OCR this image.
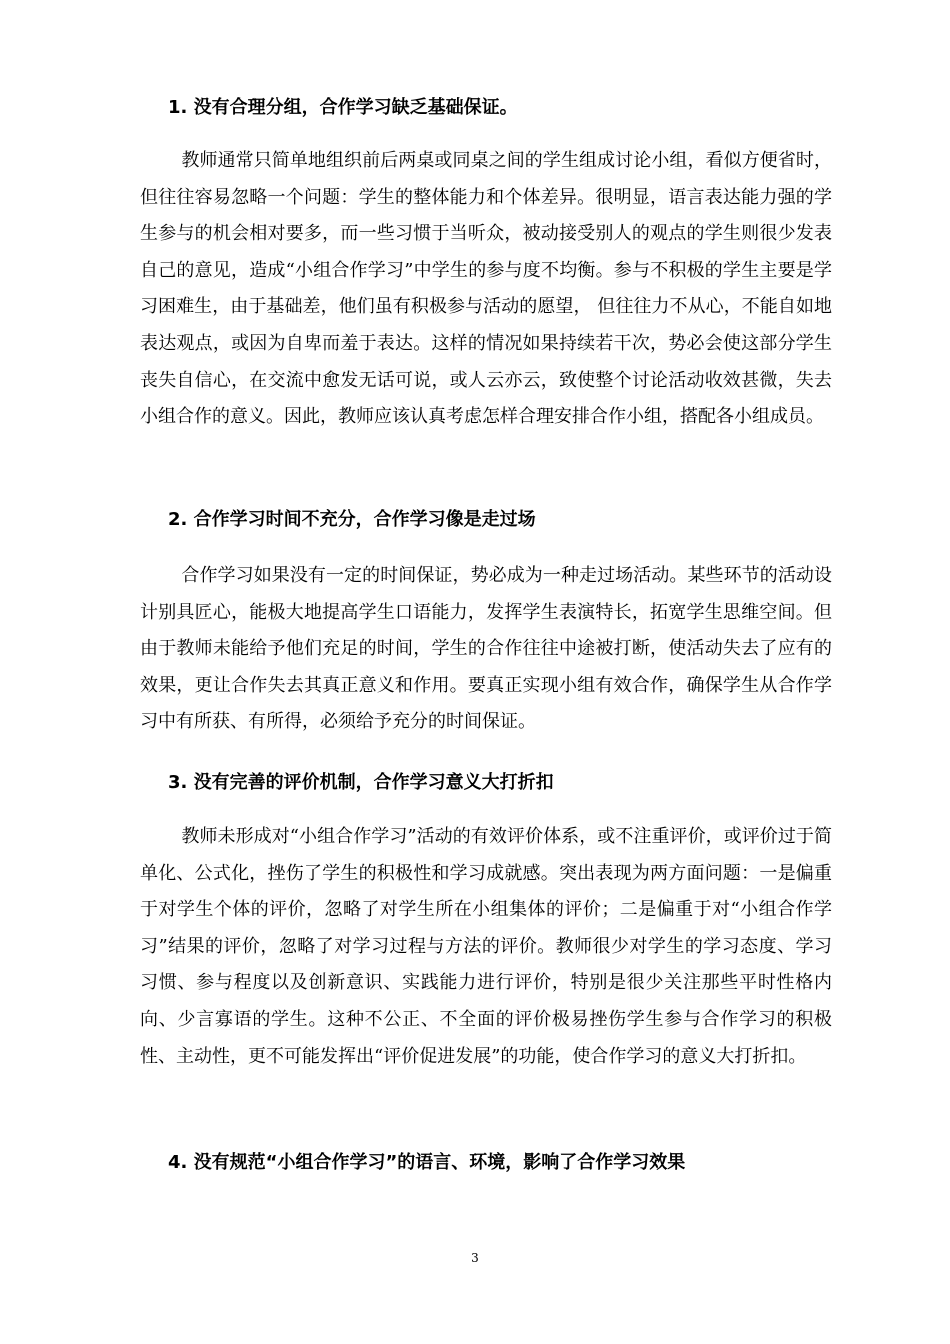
1. 没有合理分组，合作学习缺乏基础保证。
教师通常只简单地组织前后两桌或同桌之间的学生组成讨论小组，看似方便省时，但往往容易忽略一个问题：学生的整体能力和个体差异。很明显，语言表达能力强的学生参与的机会相对要多，而一些习惯于当听众，被动接受别人的观点的学生则很少发表自己的意见，造成“小组合作学习”中学生的参与度不均衡。参与不积极的学生主要是学习困难生，由于基础差，他们虽有积极参与活动的愿望， 但往往力不从心，不能自如地表达观点，或因为自卑而羞于表达。这样的情况如果持续若干次，势必会使这部分学生丧失自信心，在交流中愈发无话可说，或人云亦云，致使整个讨论活动收效甚微，失去小组合作的意义。因此，教师应该认真考虑怎样合理安排合作小组，搭配各小组成员。
2. 合作学习时间不充分，合作学习像是走过场
合作学习如果没有一定的时间保证，势必成为一种走过场活动。某些环节的活动设计别具匠心，能极大地提高学生口语能力，发挥学生表演特长，拓宽学生思维空间。但由于教师未能给予他们充足的时间，学生的合作往往中途被打断，使活动失去了应有的效果，更让合作失去其真正意义和作用。要真正实现小组有效合作，确保学生从合作学习中有所获、有所得，必须给予充分的时间保证。
3. 没有完善的评价机制，合作学习意义大打折扣
教师未形成对“小组合作学习”活动的有效评价体系，或不注重评价，或评价过于简单化、公式化，挫伤了学生的积极性和学习成就感。突出表现为两方面问题：一是偏重于对学生个体的评价，忽略了对学生所在小组集体的评价；二是偏重于对“小组合作学习”结果的评价，忽略了对学习过程与方法的评价。教师很少对学生的学习态度、学习习惯、参与程度以及创新意识、实践能力进行评价，特别是很少关注那些平时性格内向、少言寡语的学生。这种不公正、不全面的评价极易挫伤学生参与合作学习的积极性、主动性，更不可能发挥出“评价促进发展”的功能，使合作学习的意义大打折扣。
4. 没有规范“小组合作学习”的语言、环境，影响了合作学习效果
3
